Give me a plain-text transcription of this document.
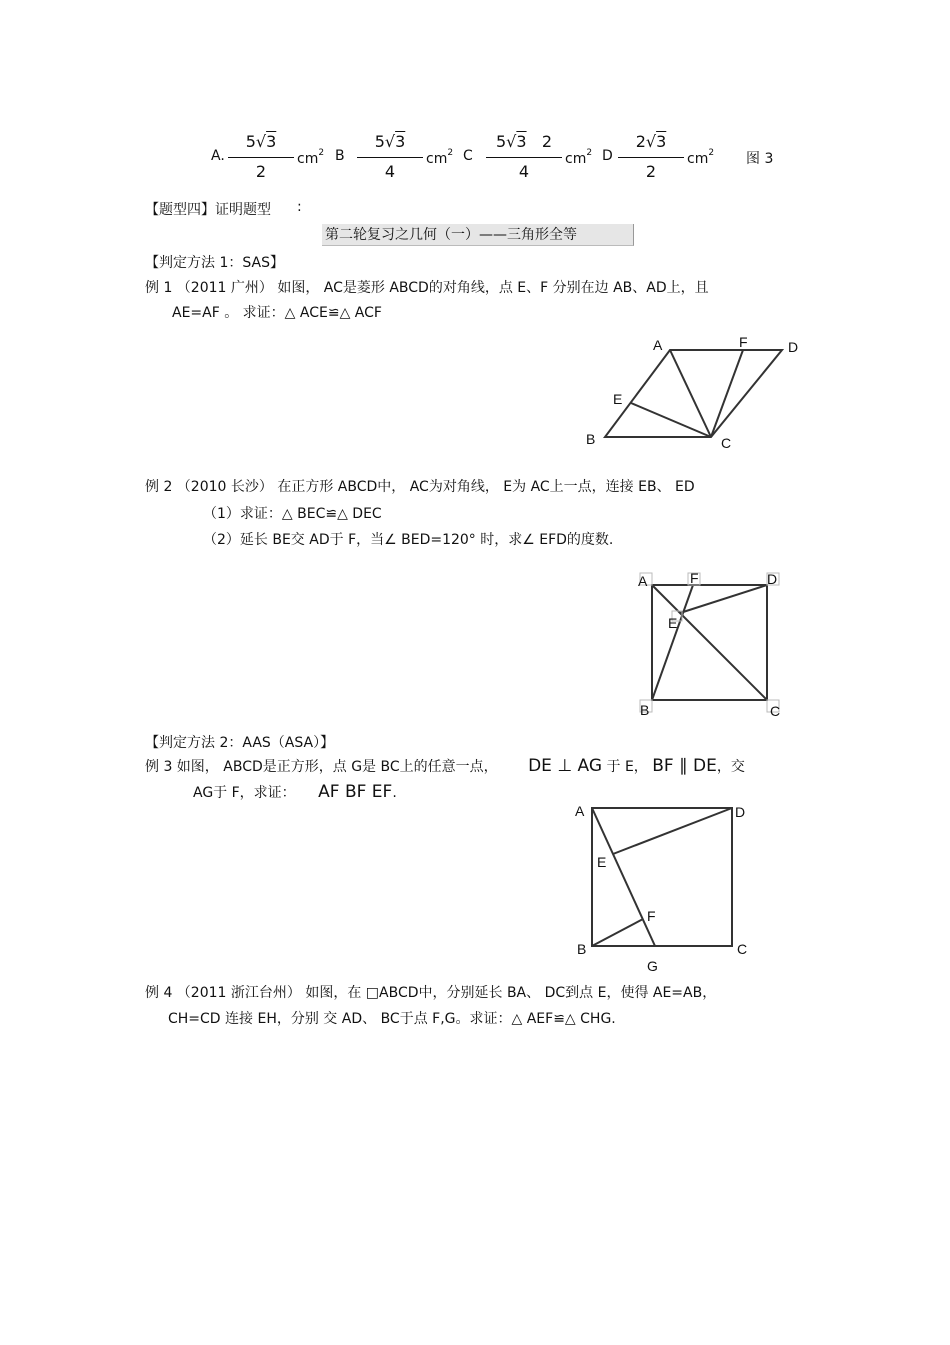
A.
5√3
2
$cm^2$ B
5√3
4
$cm^2$ C
5√3 2
4
$cm^2$ D
2√3
2
$cm^2$ 图 3
【题型四】证明题型 :
第二轮复习之几何（一）——三角形全等
【判定方法 1：SAS】
例 1 （2011 广州） 如图， AC是菱形 ABCD的对角线，点 E、F 分别在边 AB、AD上，且
AE=AF 。 求证：△ ACE≌△ ACF
A	F	D
E
B	C
例 2 （2010 长沙） 在正方形 ABCD中， AC为对角线， E为 AC上一点，连接 EB、 ED
（1）求证：△ BEC≌△ DEC
（2）延长 BE交 AD于 F，当∠ BED=120° 时，求∠ EFD的度数.
A	F	D
E
B	C
【判定方法 2：AAS（ASA）】
例 3 如图， ABCD是正方形，点 G是 BC上的任意一点， DE ⊥ AG 于 E， BF ∥ DE，交
AG于 F，求证： AF BF EF.
A	D
E
F
B	C
G
例 4 （2011 浙江台州） 如图，在 □ABCD中，分别延长 BA、 DC到点 E，使得 AE=AB，
CH=CD 连接 EH，分别 交 AD、 BC于点 F,G。求证：△ AEF≌△ CHG.
